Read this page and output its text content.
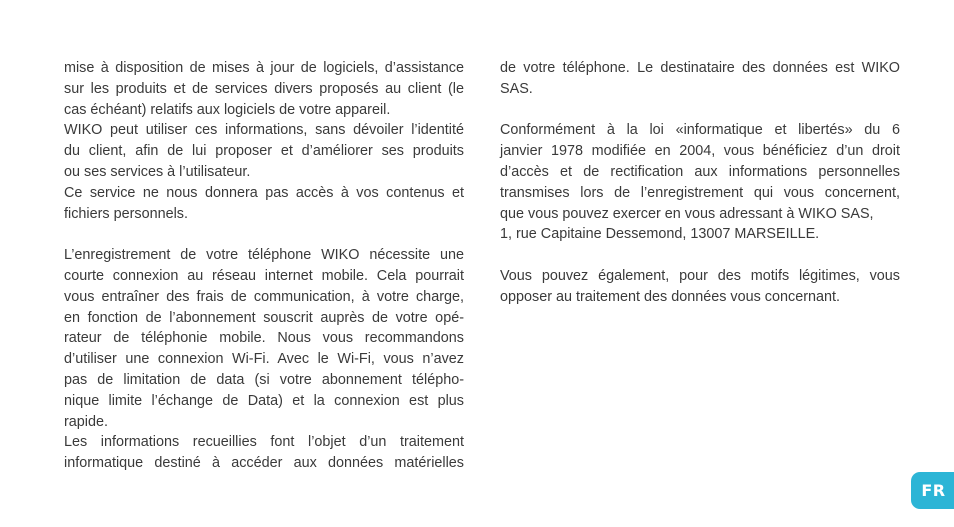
mise à disposition de mises à jour de logiciels, d’assistance
sur les produits et de services divers proposés au client (le
cas échéant) relatifs aux logiciels de votre appareil.

WIKO peut utiliser ces informations, sans dévoiler l’identité
du client, afin de lui proposer et d’améliorer ses produits
ou ses services à l’utilisateur.

Ce service ne nous donnera pas accès à vos contenus et
fichiers personnels.

L’enregistrement de votre téléphone WIKO nécessite une
courte connexion au réseau internet mobile. Cela pourrait
vous entraîner des frais de communication, à votre charge,
en fonction de l’abonnement souscrit auprès de votre opé-
rateur de téléphonie mobile. Nous vous recommandons
d’utiliser une connexion Wi-Fi. Avec le Wi-Fi, vous n’avez
pas de limitation de data (si votre abonnement télépho-
nique limite l’échange de Data) et la connexion est plus
rapide.

Les informations recueillies font l’objet d’un traitement
informatique destiné à accéder aux données matérielles

de votre téléphone. Le destinataire des données est WIKO
SAS.

Conformément à la loi «informatique et libertés» du 6
janvier 1978 modifiée en 2004, vous bénéficiez d’un droit
d’accès et de rectification aux informations personnelles
transmises lors de l’enregistrement qui vous concernent,
que vous pouvez exercer en vous adressant à WIKO SAS,
1, rue Capitaine Dessemond, 13007 MARSEILLE.

Vous pouvez également, pour des motifs légitimes, vous
opposer au traitement des données vous concernant.

FR
